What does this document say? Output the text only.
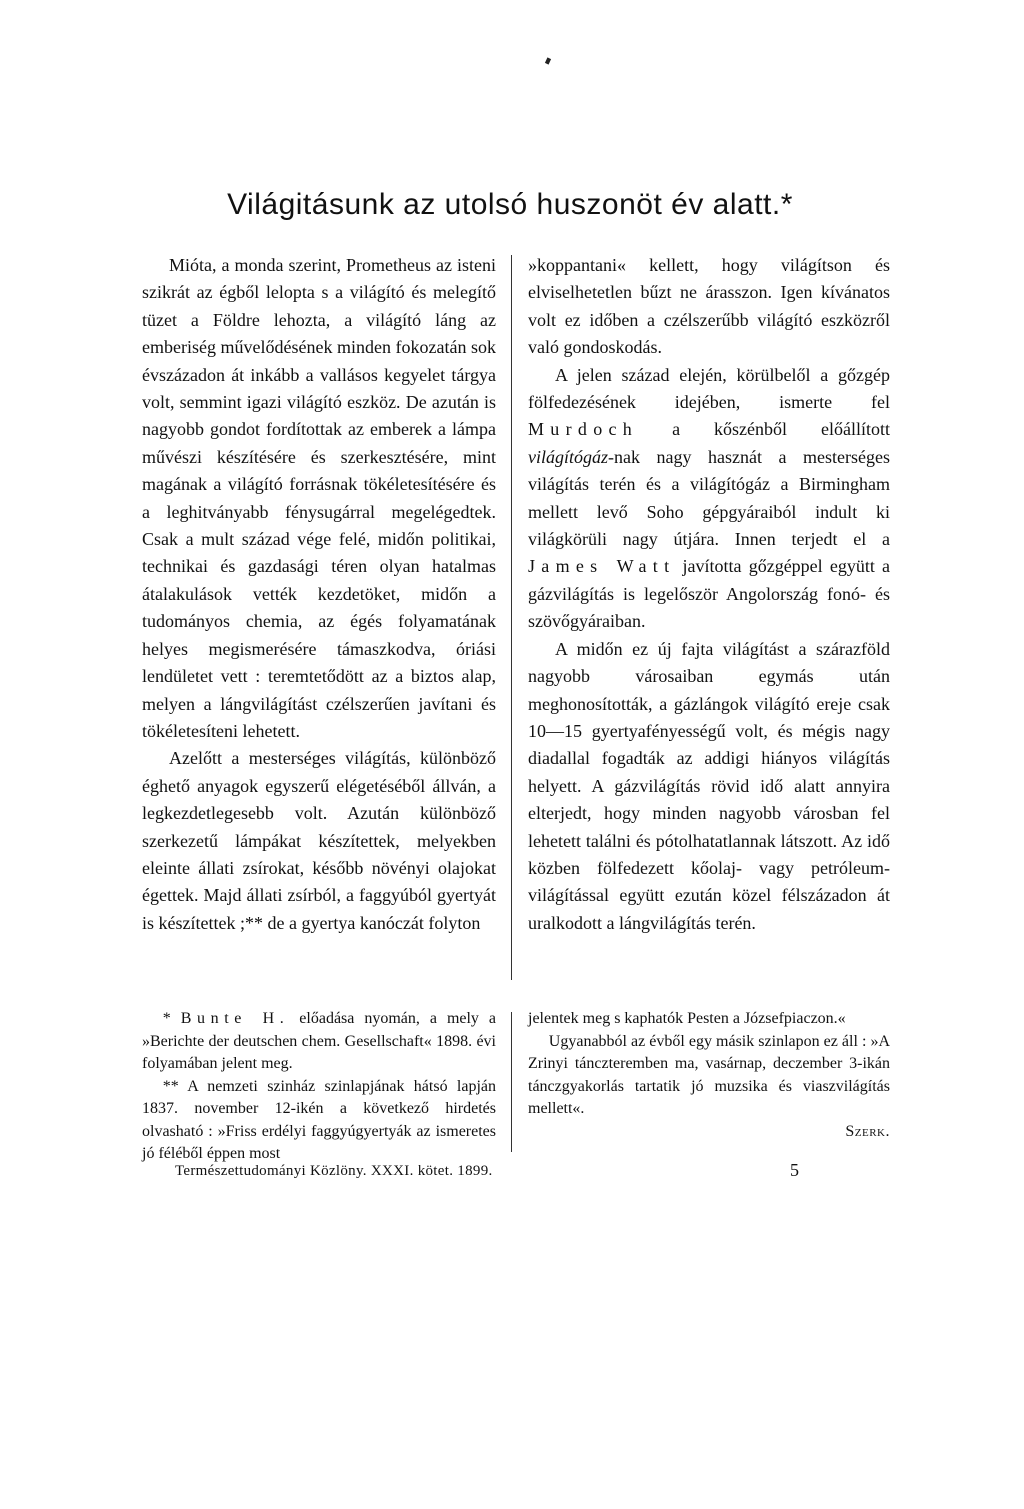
Világitásunk az utolsó huszonöt év alatt.*

Mióta, a monda szerint, Prometheus az isteni szikrát az égből lelopta s a világító és melegítő tüzet a Földre lehozta, a világító láng az emberiség művelődésének minden fokozatán sok évszázadon át inkább a vallásos kegyelet tárgya volt, semmint igazi világító eszköz. De azután is nagyobb gondot fordítottak az emberek a lámpa művészi készítésére és szerkesztésére, mint magának a világító forrásnak tökéletesítésére és a leghitványabb fénysugárral megelégedtek. Csak a mult század vége felé, midőn politikai, technikai és gazdasági téren olyan hatalmas átalakulások vették kezdetöket, midőn a tudományos chemia, az égés folyamatának helyes megismerésére támaszkodva, óriási lendületet vett : teremtetődött az a biztos alap, melyen a lángvilágítást czélszerűen javítani és tökéletesíteni lehetett.

Azelőtt a mesterséges világítás, különböző éghető anyagok egyszerű elégetéséből állván, a legkezdetlegesebb volt. Azután különböző szerkezetű lámpákat készítettek, melyekben eleinte állati zsírokat, később növényi olajokat égettek. Majd állati zsírból, a faggyúból gyertyát is készítettek ;** de a gyertya kanóczát folyton

»koppantani« kellett, hogy világítson és elviselhetetlen bűzt ne árasszon. Igen kívánatos volt ez időben a czélszerűbb világító eszközről való gondoskodás.

A jelen század elején, körülbelől a gőzgép fölfedezésének idejében, ismerte fel Murdoch a kőszénből előállított világítógáz-nak nagy hasznát a mesterséges világítás terén és a világítógáz a Birmingham mellett levő Soho gépgyáraiból indult ki világkörüli nagy útjára. Innen terjedt el a James Watt javította gőzgéppel együtt a gázvilágítás is legelőször Angolország fonó- és szövőgyáraiban.

A midőn ez új fajta világítást a szárazföld nagyobb városaiban egymás után meghonosították, a gázlángok világító ereje csak 10—15 gyertyafényességű volt, és mégis nagy diadallal fogadták az addigi hiányos világítás helyett. A gázvilágítás rövid idő alatt annyira elterjedt, hogy minden nagyobb városban fel lehetett találni és pótolhatatlannak látszott. Az idő közben fölfedezett kőolaj- vagy petróleum-világítással együtt ezután közel félszázadon át uralkodott a lángvilágítás terén.

* Bunte H. előadása nyomán, a mely a »Berichte der deutschen chem. Gesellschaft« 1898. évi folyamában jelent meg.

** A nemzeti szinház szinlapjának hátsó lapján 1837. november 12-ikén a következő hirdetés olvasható : »Friss erdélyi faggyúgyertyák az ismeretes jó féléből éppen most

jelentek meg s kaphatók Pesten a Józsefpiaczon.«

Ugyanabból az évből egy másik szinlapon ez áll : »A Zrinyi tánczteremben ma, vasárnap, deczember 3-ikán tánczgyakorlás tartatik jó muzsika és viaszvilágítás mellett«.

Szerk.

Természettudományi Közlöny. XXXI. kötet. 1899.	5
